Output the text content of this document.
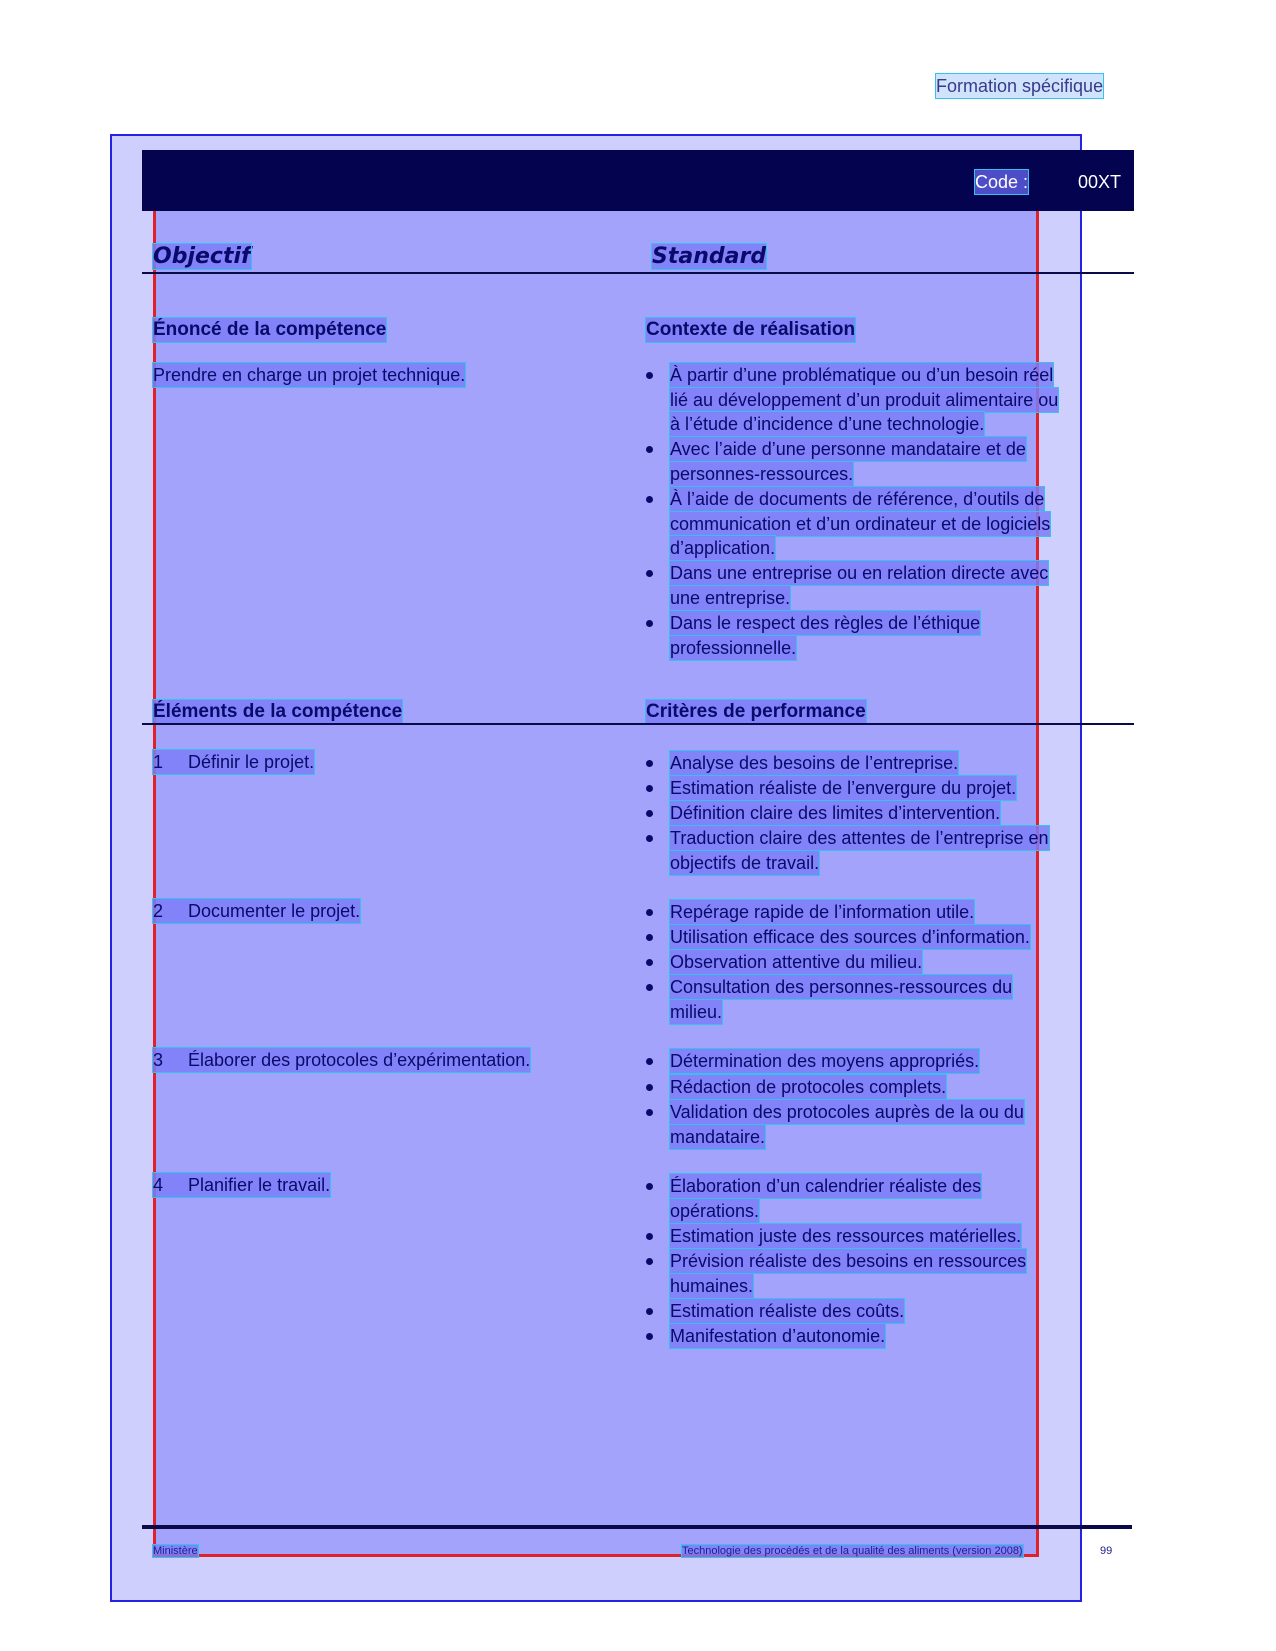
Formation spécifique
Code :	00XT
Objectif	Standard
Énoncé de la compétence	Contexte de réalisation
Prendre en charge un projet technique.	À partir d’une problématique ou d’un besoin réel
lié au développement d’un produit alimentaire ou
à l’étude d’incidence d’une technologie.
Avec l’aide d’une personne mandataire et de
personnes-ressources.
À l’aide de documents de référence, d’outils de
communication et d’un ordinateur et de logiciels
d’application.
Dans une entreprise ou en relation directe avec
une entreprise.
Dans le respect des règles de l’éthique
professionnelle.
Éléments de la compétence	Critères de performance
1 Définir le projet.	Analyse des besoins de l’entreprise.
Estimation réaliste de l’envergure du projet.
Définition claire des limites d’intervention.
Traduction claire des attentes de l’entreprise en
objectifs de travail.
2 Documenter le projet.	Repérage rapide de l’information utile.
Utilisation efficace des sources d’information.
Observation attentive du milieu.
Consultation des personnes-ressources du
milieu.
3 Élaborer des protocoles d’expérimentation.	Détermination des moyens appropriés.
Rédaction de protocoles complets.
Validation des protocoles auprès de la ou du
mandataire.
4 Planifier le travail.	Élaboration d’un calendrier réaliste des
opérations.
Estimation juste des ressources matérielles.
Prévision réaliste des besoins en ressources
humaines.
Estimation réaliste des coûts.
Manifestation d’autonomie.
Ministère	Technologie des procédés et de la qualité des aliments (version 2008)	99
